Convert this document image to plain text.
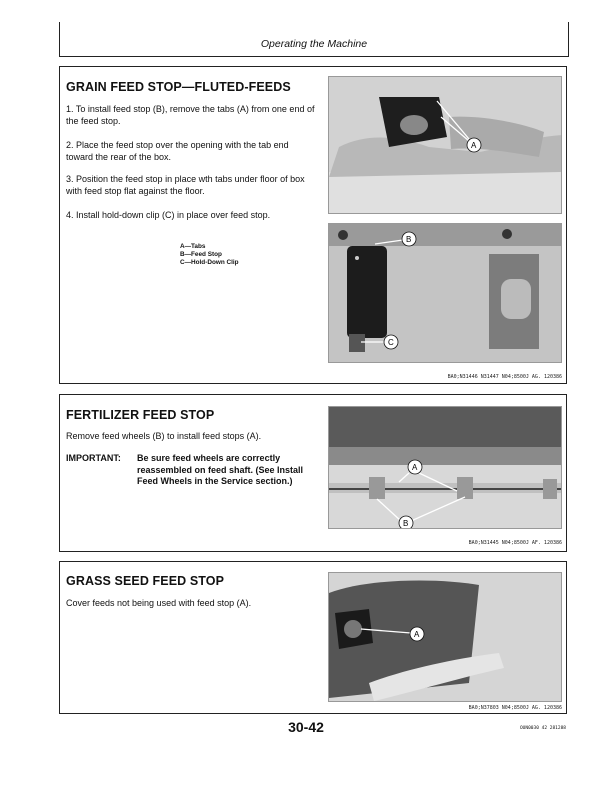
Operating the Machine
GRAIN FEED STOP—FLUTED-FEEDS
1. To install feed stop (B), remove the tabs (A) from one end of the feed stop.
2. Place the feed stop over the opening with the tab end toward the rear of the box.
3. Position the feed stop in place wth tabs under floor of box with feed stop flat against the floor.
4. Install hold-down clip (C) in place over feed stop.
A—Tabs
B—Feed Stop
C—Hold-Down Clip
A
B
C
BA0;N31446 N31447 N04;8500J AG. 120386
FERTILIZER FEED STOP
Remove feed wheels (B) to install feed stops (A).
IMPORTANT: Be sure feed wheels are correctly reassembled on feed shaft. (See Install Feed Wheels in the Service section.)
A
B
BA0;N31445 N04;8500J AF. 120386
GRASS SEED FEED STOP
Cover feeds not being used with feed stop (A).
A
BA0;N37803 N04;8500J AG. 120386
30-42	OUN0030 42 281288
